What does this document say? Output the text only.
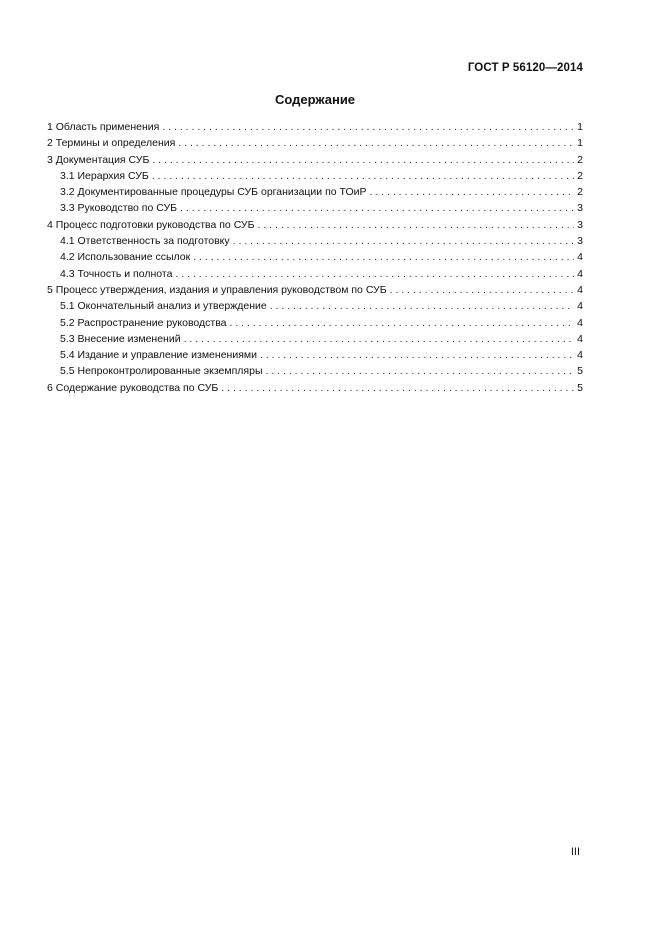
ГОСТ Р 56120—2014
Содержание
1 Область применения . . .	1
2 Термины и определения . . .	1
3 Документация СУБ . . .	2
3.1 Иерархия СУБ . . .	2
3.2 Документированные процедуры СУБ организации по ТОиР . . .	2
3.3 Руководство по СУБ . . .	3
4 Процесс подготовки руководства по СУБ . . .	3
4.1 Ответственность за подготовку . . .	3
4.2 Использование ссылок . . .	4
4.3 Точность и полнота . . .	4
5 Процесс утверждения, издания и управления руководством по СУБ . . .	4
5.1 Окончательный анализ и утверждение . . .	4
5.2 Распространение руководства . . .	4
5.3 Внесение изменений . . .	4
5.4 Издание и управление изменениями . . .	4
5.5 Непроконтролированные экземпляры . . .	5
6 Содержание руководства по СУБ . . .	5
III
